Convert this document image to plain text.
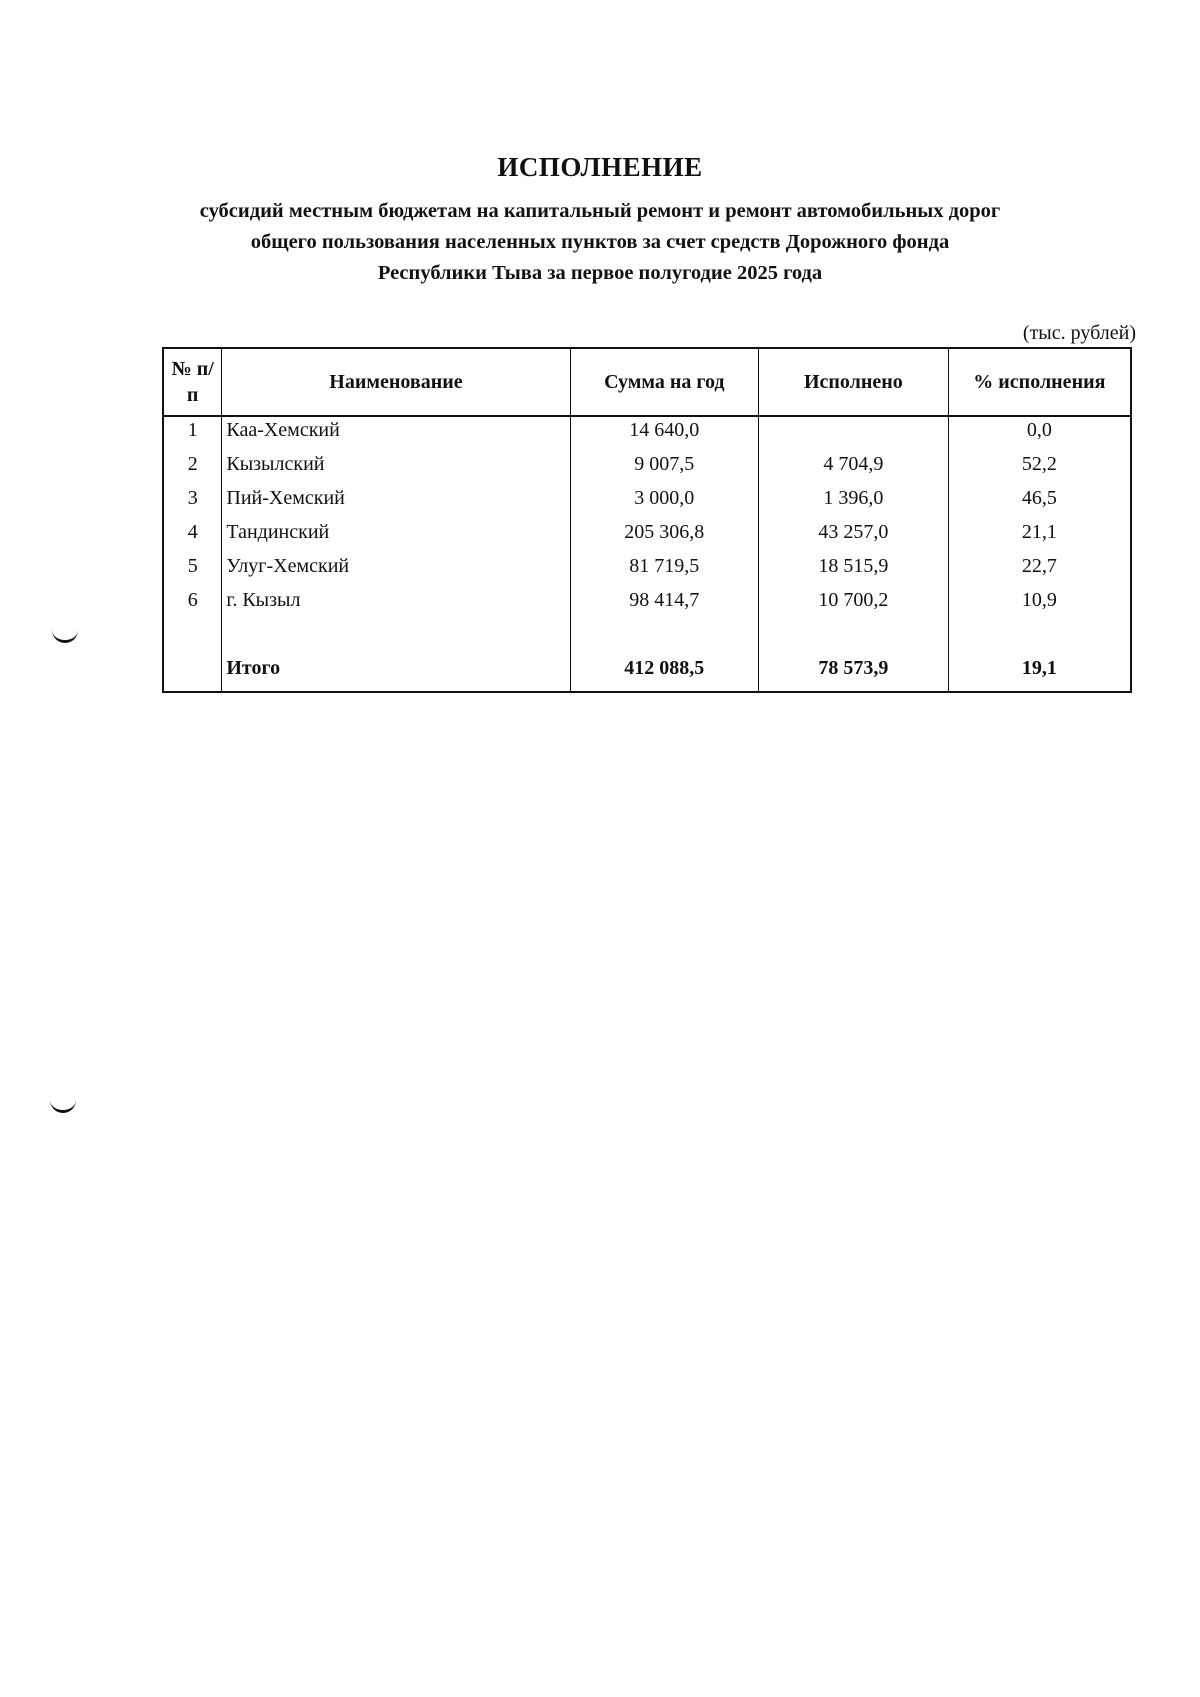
ИСПОЛНЕНИЕ
субсидий местным бюджетам на капитальный ремонт и ремонт автомобильных дорог
общего пользования населенных пунктов за счет средств Дорожного фонда
Республики Тыва за первое полугодие 2025 года
(тыс. рублей)
№ п/п	Наименование	Сумма на год	Исполнено	% исполнения
1	Каа-Хемский	14 640,0		0,0
2	Кызылский	9 007,5	4 704,9	52,2
3	Пий-Хемский	3 000,0	1 396,0	46,5
4	Тандинский	205 306,8	43 257,0	21,1
5	Улуг-Хемский	81 719,5	18 515,9	22,7
6	г. Кызыл	98 414,7	10 700,2	10,9

	Итого	412 088,5	78 573,9	19,1
